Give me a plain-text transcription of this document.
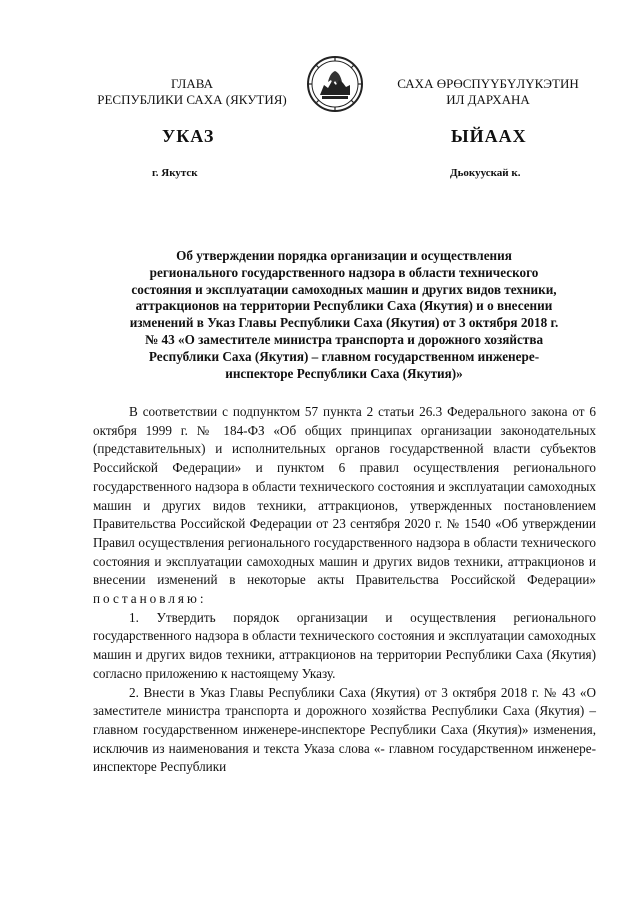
ГЛАВА
РЕСПУБЛИКИ САХА (ЯКУТИЯ)
САХА ӨРӨСПҮҮБҮЛҮКЭТИН
ИЛ ДАРХАНА
УКАЗ	ЫЙААХ
г. Якутск	Дьокуускай к.
Об утверждении порядка организации и осуществления
регионального государственного надзора в области технического
состояния и эксплуатации самоходных машин и других видов техники,
аттракционов на территории Республики Саха (Якутия) и о внесении
изменений в Указ Главы Республики Саха (Якутия) от 3 октября 2018 г.
№ 43 «О заместителе министра транспорта и дорожного хозяйства
Республики Саха (Якутия) – главном государственном инженере-
инспекторе Республики Саха (Якутия)»

В соответствии с подпунктом 57 пункта 2 статьи 26.3 Федерального закона от 6 октября 1999 г. № 184-ФЗ «Об общих принципах организации законодательных (представительных) и исполнительных органов государственной власти субъектов Российской Федерации» и пунктом 6 правил осуществления регионального государственного надзора в области технического состояния и эксплуатации самоходных машин и других видов техники, аттракционов, утвержденных постановлением Правительства Российской Федерации от 23 сентября 2020 г. № 1540 «Об утверждении Правил осуществления регионального государственного надзора в области технического состояния и эксплуатации самоходных машин и других видов техники, аттракционов и внесении изменений в некоторые акты Правительства Российской Федерации» постановляю:

1. Утвердить порядок организации и осуществления регионального государственного надзора в области технического состояния и эксплуатации самоходных машин и других видов техники, аттракционов на территории Республики Саха (Якутия) согласно приложению к настоящему Указу.

2. Внести в Указ Главы Республики Саха (Якутия) от 3 октября 2018 г. № 43 «О заместителе министра транспорта и дорожного хозяйства Республики Саха (Якутия) – главном государственном инженере-инспекторе Республики Саха (Якутия)» изменения, исключив из наименования и текста Указа слова «- главном государственном инженере-инспекторе Республики
